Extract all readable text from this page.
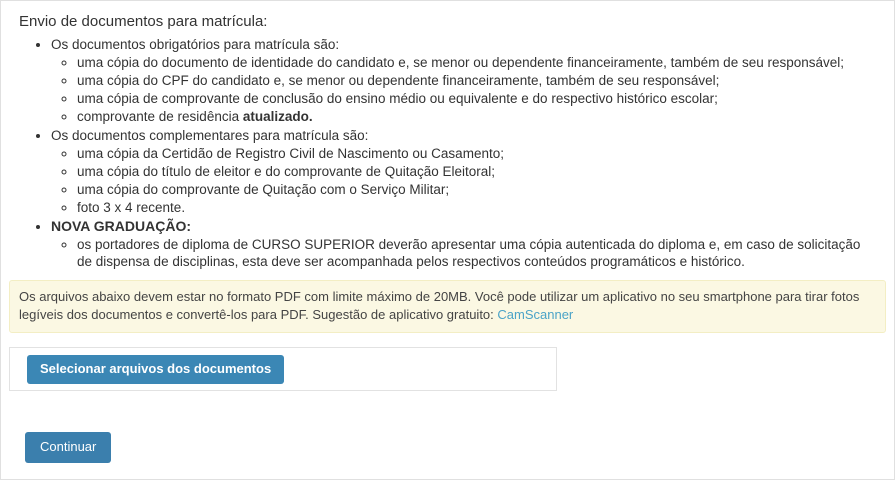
Envio de documentos para matrícula:
• Os documentos obrigatórios para matrícula são:
◦ uma cópia do documento de identidade do candidato e, se menor ou dependente financeiramente, também de seu responsável;
◦ uma cópia do CPF do candidato e, se menor ou dependente financeiramente, também de seu responsável;
◦ uma cópia de comprovante de conclusão do ensino médio ou equivalente e do respectivo histórico escolar;
◦ comprovante de residência atualizado.
• Os documentos complementares para matrícula são:
◦ uma cópia da Certidão de Registro Civil de Nascimento ou Casamento;
◦ uma cópia do título de eleitor e do comprovante de Quitação Eleitoral;
◦ uma cópia do comprovante de Quitação com o Serviço Militar;
◦ foto 3 x 4 recente.
• NOVA GRADUAÇÃO:
◦ os portadores de diploma de CURSO SUPERIOR deverão apresentar uma cópia autenticada do diploma e, em caso de solicitação de dispensa de disciplinas, esta deve ser acompanhada pelos respectivos conteúdos programáticos e histórico.
Os arquivos abaixo devem estar no formato PDF com limite máximo de 20MB. Você pode utilizar um aplicativo no seu smartphone para tirar fotos legíveis dos documentos e convertê-los para PDF. Sugestão de aplicativo gratuito: CamScanner
Selecionar arquivos dos documentos
Continuar
